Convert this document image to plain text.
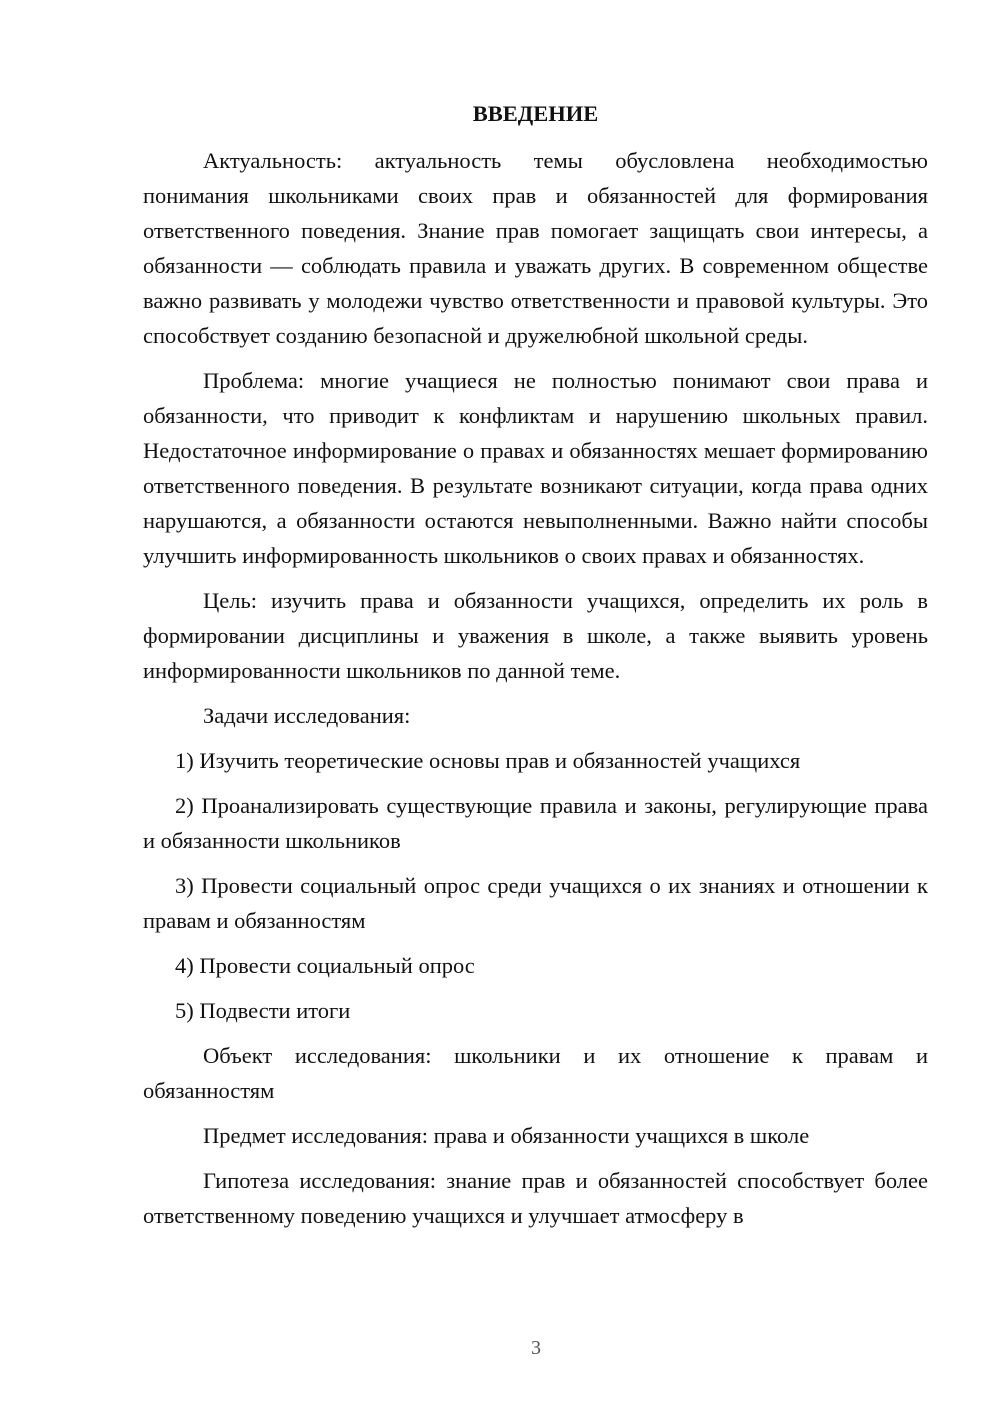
ВВЕДЕНИЕ

Актуальность: актуальность темы обусловлена необходимостью понимания школьниками своих прав и обязанностей для формирования ответственного поведения. Знание прав помогает защищать свои интересы, а обязанности — соблюдать правила и уважать других. В современном обществе важно развивать у молодежи чувство ответственности и правовой культуры. Это способствует созданию безопасной и дружелюбной школьной среды.

Проблема: многие учащиеся не полностью понимают свои права и обязанности, что приводит к конфликтам и нарушению школьных правил. Недостаточное информирование о правах и обязанностях мешает формированию ответственного поведения. В результате возникают ситуации, когда права одних нарушаются, а обязанности остаются невыполненными. Важно найти способы улучшить информированность школьников о своих правах и обязанностях.

Цель: изучить права и обязанности учащихся, определить их роль в формировании дисциплины и уважения в школе, а также выявить уровень информированности школьников по данной теме.

Задачи исследования:

1) Изучить теоретические основы прав и обязанностей учащихся

2) Проанализировать существующие правила и законы, регулирующие права и обязанности школьников

3) Провести социальный опрос среди учащихся о их знаниях и отношении к правам и обязанностям

4) Провести социальный опрос

5) Подвести итоги

Объект исследования: школьники и их отношение к правам и обязанностям

Предмет исследования: права и обязанности учащихся в школе

Гипотеза исследования: знание прав и обязанностей способствует более ответственному поведению учащихся и улучшает атмосферу в

3
